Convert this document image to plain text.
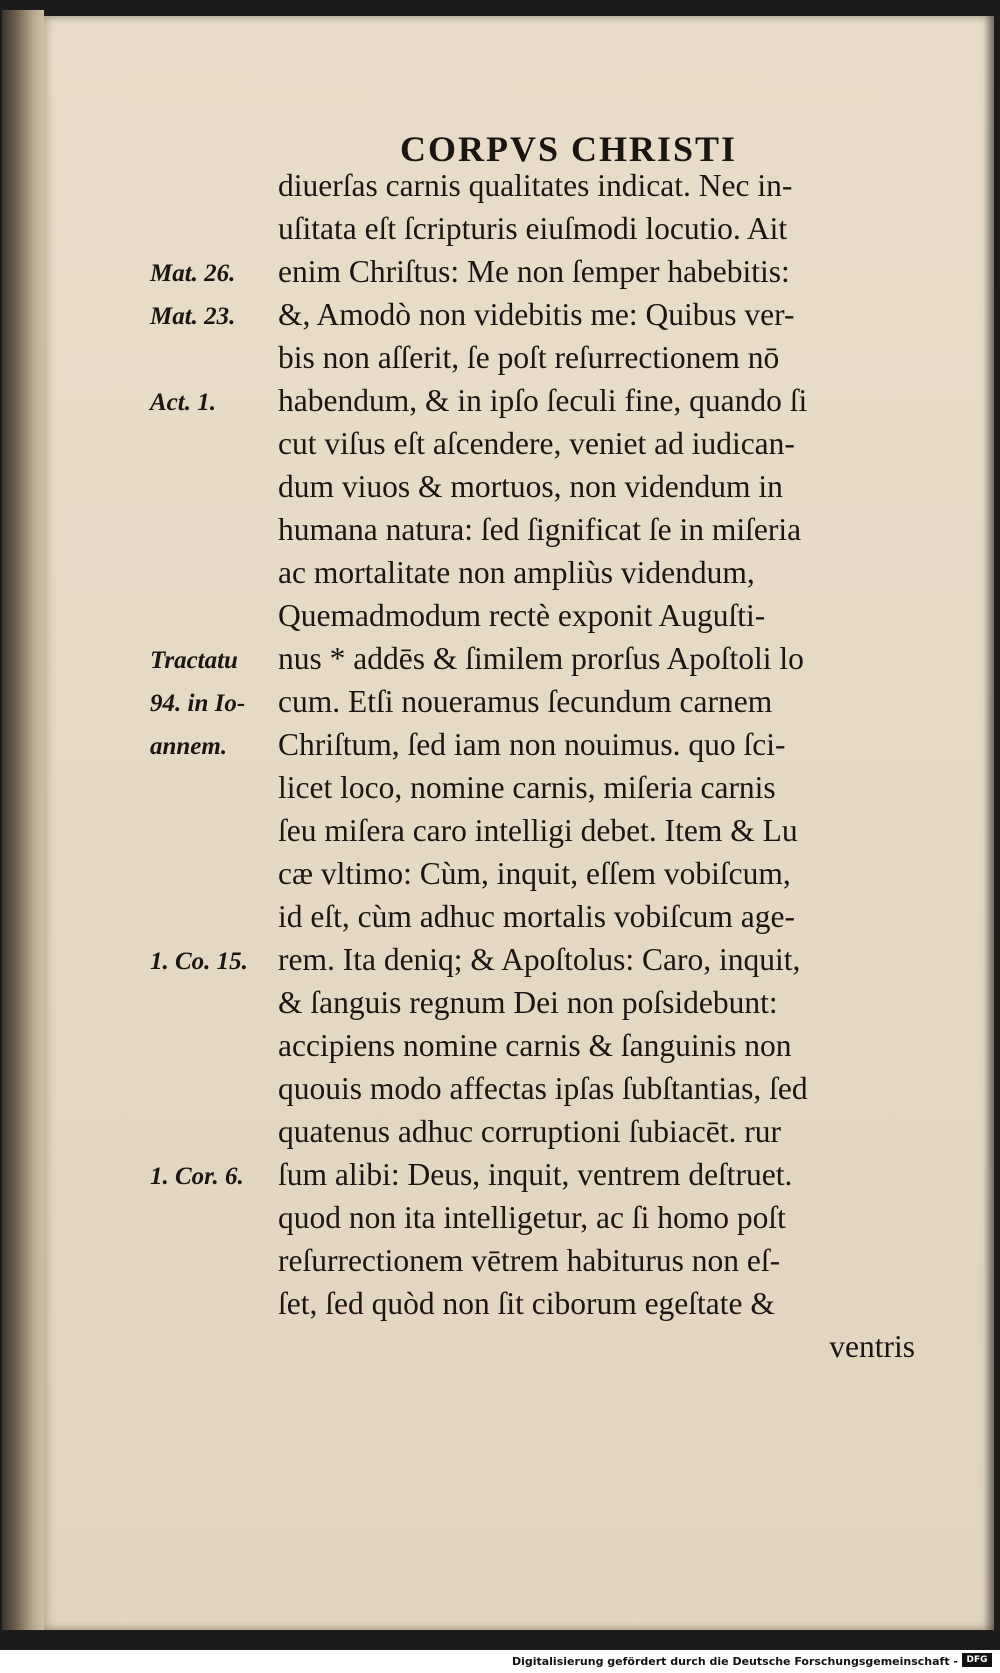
CORPVS CHRISTI
diuerſas carnis qualitates indicat. Nec in-
uſitata eſt ſcripturis eiuſmodi locutio. Ait
enim Chriſtus: Me non ſemper habebitis:
&, Amodò non videbitis me: Quibus ver-
bis non aſſerit, ſe poſt reſurrectionem nō
habendum, & in ipſo ſeculi fine, quando ſi
cut viſus eſt aſcendere, veniet ad iudican-
dum viuos & mortuos, non videndum in
humana natura: ſed ſignificat ſe in miſeria
ac mortalitate non ampliùs videndum,
Quemadmodum rectè exponit Auguſti-
nus * addēs & ſimilem prorſus Apoſtoli lo
cum. Etſi noueramus ſecundum carnem
Chriſtum, ſed iam non nouimus. quo ſci-
licet loco, nomine carnis, miſeria carnis
ſeu miſera caro intelligi debet. Item & Lu
cæ vltimo: Cùm, inquit, eſſem vobiſcum,
id eſt, cùm adhuc mortalis vobiſcum age-
rem. Ita deniq; & Apoſtolus: Caro, inquit,
& ſanguis regnum Dei non poſsidebunt:
accipiens nomine carnis & ſanguinis non
quouis modo affectas ipſas ſubſtantias, ſed
quatenus adhuc corruptioni ſubiacēt. rur
ſum alibi: Deus, inquit, ventrem deſtruet.
quod non ita intelligetur, ac ſi homo poſt
reſurrectionem vētrem habiturus non eſ-
ſet, ſed quòd non ſit ciborum egeſtate &
ventris
Mat. 26.
Mat. 23.
Act. 1.
Tractatu
94. in Io-
annem.
1. Co. 15.
1. Cor. 6.
Digitalisierung gefördert durch die Deutsche Forschungsgemeinschaft - DFG
